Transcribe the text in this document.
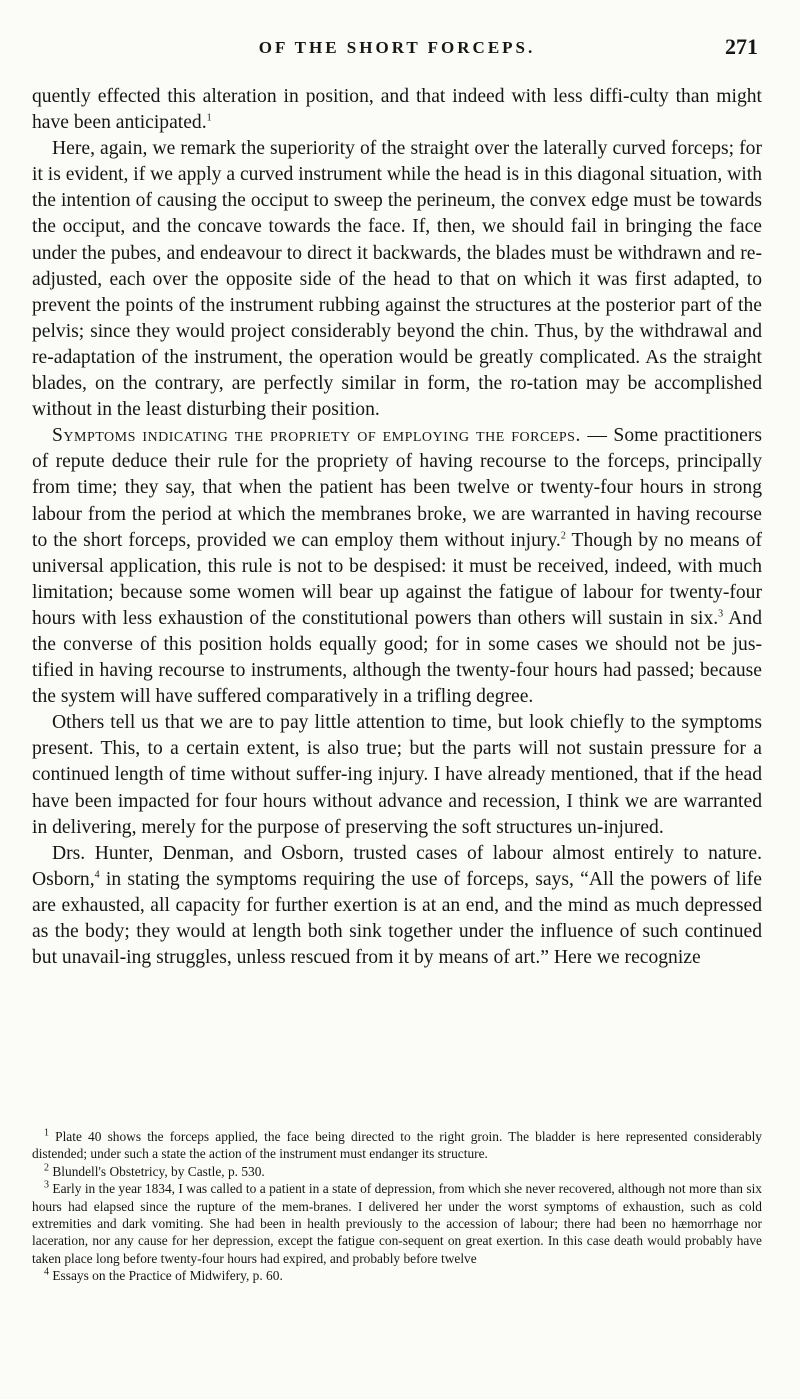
OF THE SHORT FORCEPS.	271

quently effected this alteration in position, and that indeed with less diffi-culty than might have been anticipated.$^1$

Here, again, we remark the superiority of the straight over the laterally curved forceps; for it is evident, if we apply a curved instrument while the head is in this diagonal situation, with the intention of causing the occiput to sweep the perineum, the convex edge must be towards the occiput, and the concave towards the face. If, then, we should fail in bringing the face under the pubes, and endeavour to direct it backwards, the blades must be withdrawn and re-adjusted, each over the opposite side of the head to that on which it was first adapted, to prevent the points of the instrument rubbing against the structures at the posterior part of the pelvis; since they would project considerably beyond the chin. Thus, by the withdrawal and re-adaptation of the instrument, the operation would be greatly complicated. As the straight blades, on the contrary, are perfectly similar in form, the ro-tation may be accomplished without in the least disturbing their position.

Symptoms indicating the propriety of employing the forceps. — Some practitioners of repute deduce their rule for the propriety of having recourse to the forceps, principally from time; they say, that when the patient has been twelve or twenty-four hours in strong labour from the period at which the membranes broke, we are warranted in having recourse to the short forceps, provided we can employ them without injury.$^2$ Though by no means of universal application, this rule is not to be despised: it must be received, indeed, with much limitation; because some women will bear up against the fatigue of labour for twenty-four hours with less exhaustion of the constitutional powers than others will sustain in six.$^3$ And the converse of this position holds equally good; for in some cases we should not be jus-tified in having recourse to instruments, although the twenty-four hours had passed; because the system will have suffered comparatively in a trifling degree.

Others tell us that we are to pay little attention to time, but look chiefly to the symptoms present. This, to a certain extent, is also true; but the parts will not sustain pressure for a continued length of time without suffer-ing injury. I have already mentioned, that if the head have been impacted for four hours without advance and recession, I think we are warranted in delivering, merely for the purpose of preserving the soft structures un-injured.

Drs. Hunter, Denman, and Osborn, trusted cases of labour almost entirely to nature. Osborn,$^4$ in stating the symptoms requiring the use of forceps, says, “All the powers of life are exhausted, all capacity for further exertion is at an end, and the mind as much depressed as the body; they would at length both sink together under the influence of such continued but unavail-ing struggles, unless rescued from it by means of art.” Here we recognize

$^1$ Plate 40 shows the forceps applied, the face being directed to the right groin. The bladder is here represented considerably distended; under such a state the action of the instrument must endanger its structure.

$^2$ Blundell's Obstetricy, by Castle, p. 530.

$^3$ Early in the year 1834, I was called to a patient in a state of depression, from which she never recovered, although not more than six hours had elapsed since the rupture of the mem-branes. I delivered her under the worst symptoms of exhaustion, such as cold extremities and dark vomiting. She had been in health previously to the accession of labour; there had been no hæmorrhage nor laceration, nor any cause for her depression, except the fatigue con-sequent on great exertion. In this case death would probably have taken place long before twenty-four hours had expired, and probably before twelve

$^4$ Essays on the Practice of Midwifery, p. 60.
